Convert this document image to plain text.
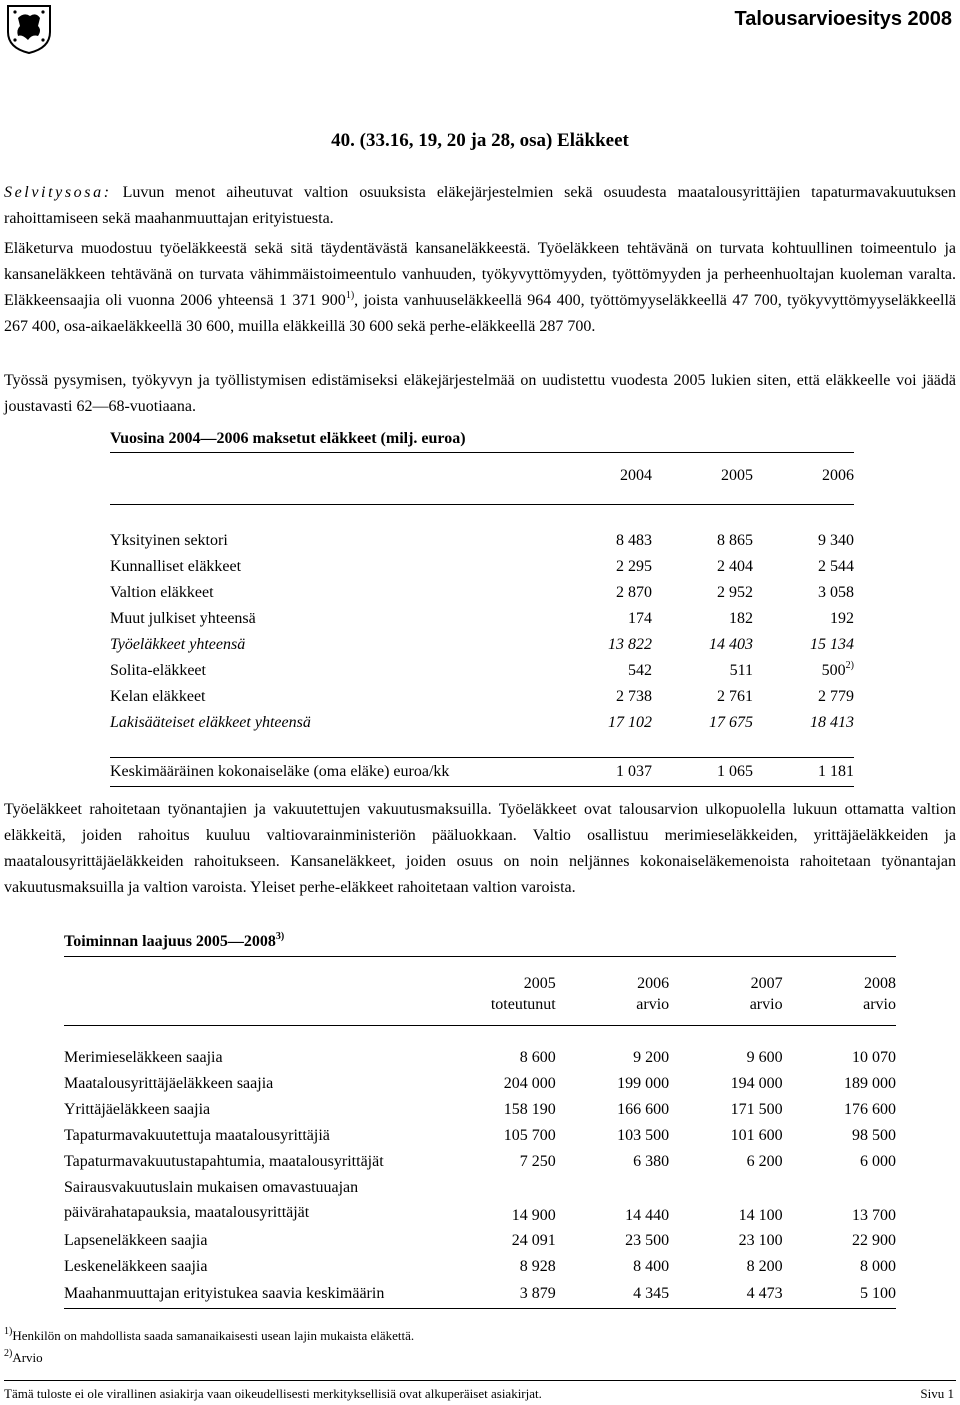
Talousarvioesitys 2008
40. (33.16, 19, 20 ja 28, osa) Eläkkeet
Selvitysosa: Luvun menot aiheutuvat valtion osuuksista eläkejärjestelmien sekä osuudesta maatalousyrittäjien tapaturmavakuutuksen rahoittamiseen sekä maahanmuuttajan erityistuesta.
Eläketurva muodostuu työeläkkeestä sekä sitä täydentävästä kansaneläkkeestä. Työeläkkeen tehtävänä on turvata kohtuullinen toimeentulo ja kansaneläkkeen tehtävänä on turvata vähimmäistoimeentulo vanhuuden, työkyvyttömyyden, työttömyyden ja perheenhuoltajan kuoleman varalta. Eläkkeensaajia oli vuonna 2006 yhteensä 1 371 900$^{1)}$, joista vanhuuseläkkeellä 964 400, työttömyyseläkkeellä 47 700, työkyvyttömyyseläkkeellä 267 400, osa-aikaeläkkeellä 30 600, muilla eläkkeillä 30 600 sekä perhe-eläkkeellä 287 700.
Työssä pysymisen, työkyvyn ja työllistymisen edistämiseksi eläkejärjestelmää on uudistettu vuodesta 2005 lukien siten, että eläkkeelle voi jäädä joustavasti 62—68-vuotiaana.
Vuosina 2004—2006 maksetut eläkkeet (milj. euroa)			
	2004	2005	2006

Yksityinen sektori	8 483	8 865	9 340
Kunnalliset eläkkeet	2 295	2 404	2 544
Valtion eläkkeet	2 870	2 952	3 058
Muut julkiset yhteensä	174	182	192
Työeläkkeet yhteensä	13 822	14 403	15 134
Solita-eläkkeet	542	511	500$^{2)}$
Kelan eläkkeet	2 738	2 761	2 779
Lakisääteiset eläkkeet yhteensä	17 102	17 675	18 413

Keskimääräinen kokonaiseläke (oma eläke) euroa/kk	1 037	1 065	1 181
Työeläkkeet rahoitetaan työnantajien ja vakuutettujen vakuutusmaksuilla. Työeläkkeet ovat talousarvion ulkopuolella lukuun ottamatta valtion eläkkeitä, joiden rahoitus kuuluu valtiovarainministeriön pääluokkaan. Valtio osallistuu merimieseläkkeiden, yrittäjäeläkkeiden ja maatalousyrittäjäeläkkeiden rahoitukseen. Kansaneläkkeet, joiden osuus on noin neljännes kokonaiseläkemenoista rahoitetaan työnantajan vakuutusmaksuilla ja valtion varoista. Yleiset perhe-eläkkeet rahoitetaan valtion varoista.
Toiminnan laajuus 2005—2008$^{3)}$
	2005	2006	2007	2008
	toteutunut	arvio	arvio	arvio

Merimieseläkkeen saajia	8 600	9 200	9 600	10 070
Maatalousyrittäjäeläkkeen saajia	204 000	199 000	194 000	189 000
Yrittäjäeläkkeen saajia	158 190	166 600	171 500	176 600
Tapaturmavakuutettuja maatalousyrittäjiä	105 700	103 500	101 600	98 500
Tapaturmavakuutustapahtumia, maatalousyrittäjät	7 250	6 380	6 200	6 000
Sairausvakuutuslain mukaisen omavastuuajan päivärahatapauksia, maatalousyrittäjät	14 900	14 440	14 100	13 700
Lapseneläkkeen saajia	24 091	23 500	23 100	22 900
Leskeneläkkeen saajia	8 928	8 400	8 200	8 000
Maahanmuuttajan erityistukea saavia keskimäärin	3 879	4 345	4 473	5 100
$^{1)}$Henkilön on mahdollista saada samanaikaisesti usean lajin mukaista eläkettä.
$^{2)}$Arvio
Tämä tuloste ei ole virallinen asiakirja vaan oikeudellisesti merkityksellisiä ovat alkuperäiset asiakirjat.	Sivu 1
